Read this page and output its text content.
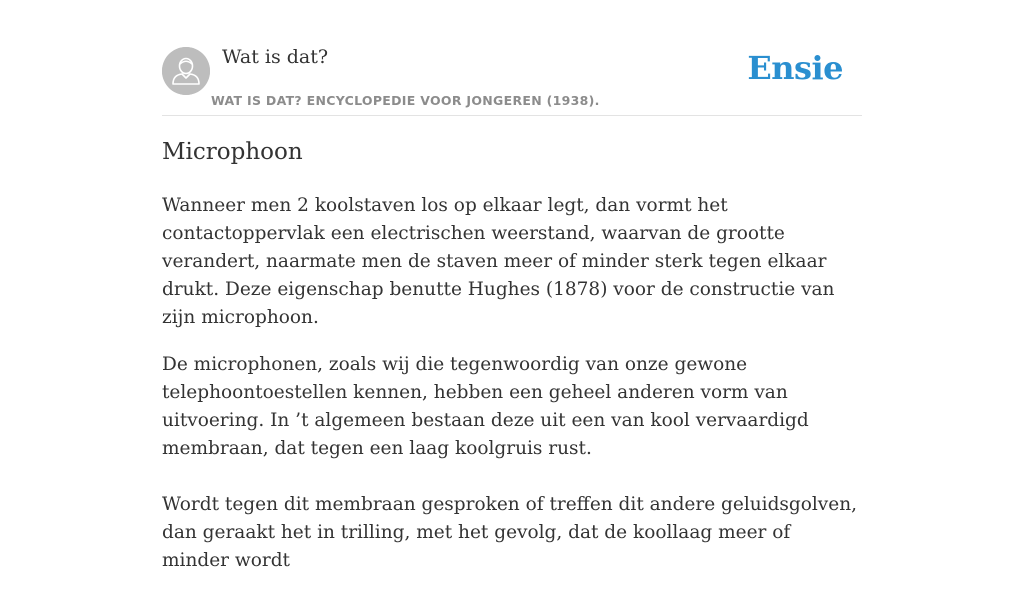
Wat is dat?
WAT IS DAT? ENCYCLOPEDIE VOOR JONGEREN (1938).
Ensie
Microphoon

Wanneer men 2 koolstaven los op elkaar legt, dan vormt het contactoppervlak een electrischen weerstand, waarvan de grootte verandert, naarmate men de staven meer of minder sterk tegen elkaar drukt. Deze eigenschap benutte Hughes (1878) voor de constructie van zijn microphoon.

De microphonen, zoals wij die tegenwoordig van onze gewone telephoontoestellen kennen, hebben een geheel anderen vorm van uitvoering. In ’t algemeen bestaan deze uit een van kool vervaardigd membraan, dat tegen een laag koolgruis rust.

Wordt tegen dit membraan gesproken of treffen dit andere geluidsgolven, dan geraakt het in trilling, met het gevolg, dat de koollaag meer of minder wordt
